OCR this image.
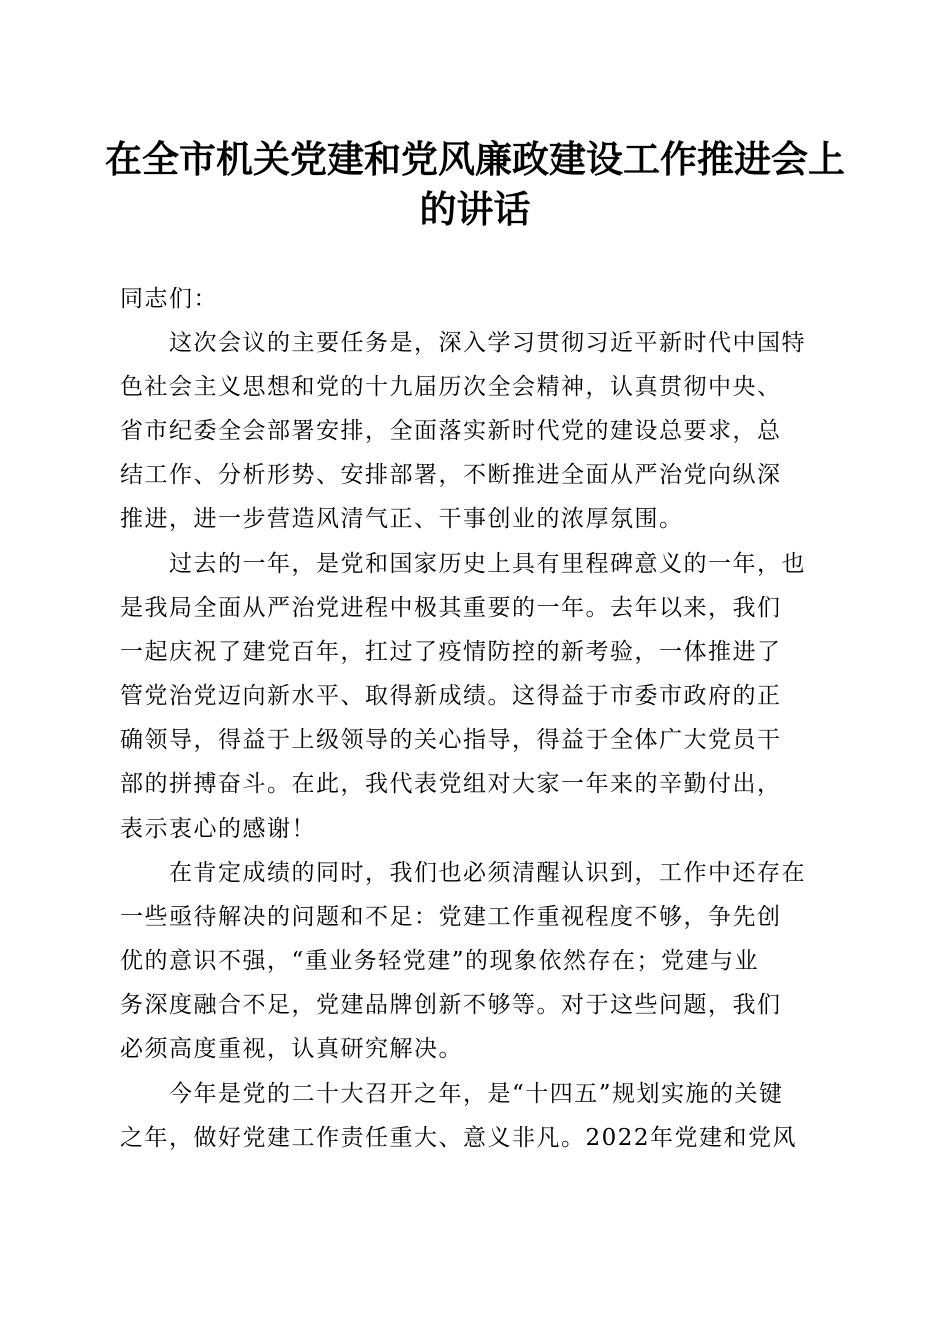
在全市机关党建和党风廉政建设工作推进会上
的讲话
同志们：
　　这次会议的主要任务是，深入学习贯彻习近平新时代中国特
色社会主义思想和党的十九届历次全会精神，认真贯彻中央、
省市纪委全会部署安排，全面落实新时代党的建设总要求，总
结工作、分析形势、安排部署，不断推进全面从严治党向纵深
推进，进一步营造风清气正、干事创业的浓厚氛围。
　　过去的一年，是党和国家历史上具有里程碑意义的一年，也
是我局全面从严治党进程中极其重要的一年。去年以来，我们
一起庆祝了建党百年，扛过了疫情防控的新考验，一体推进了
管党治党迈向新水平、取得新成绩。这得益于市委市政府的正
确领导，得益于上级领导的关心指导，得益于全体广大党员干
部的拼搏奋斗。在此，我代表党组对大家一年来的辛勤付出，
表示衷心的感谢！
　　在肯定成绩的同时，我们也必须清醒认识到，工作中还存在
一些亟待解决的问题和不足：党建工作重视程度不够，争先创
优的意识不强，“重业务轻党建”的现象依然存在；党建与业
务深度融合不足，党建品牌创新不够等。对于这些问题，我们
必须高度重视，认真研究解决。
　　今年是党的二十大召开之年，是“十四五”规划实施的关键
之年，做好党建工作责任重大、意义非凡。2022年党建和党风
